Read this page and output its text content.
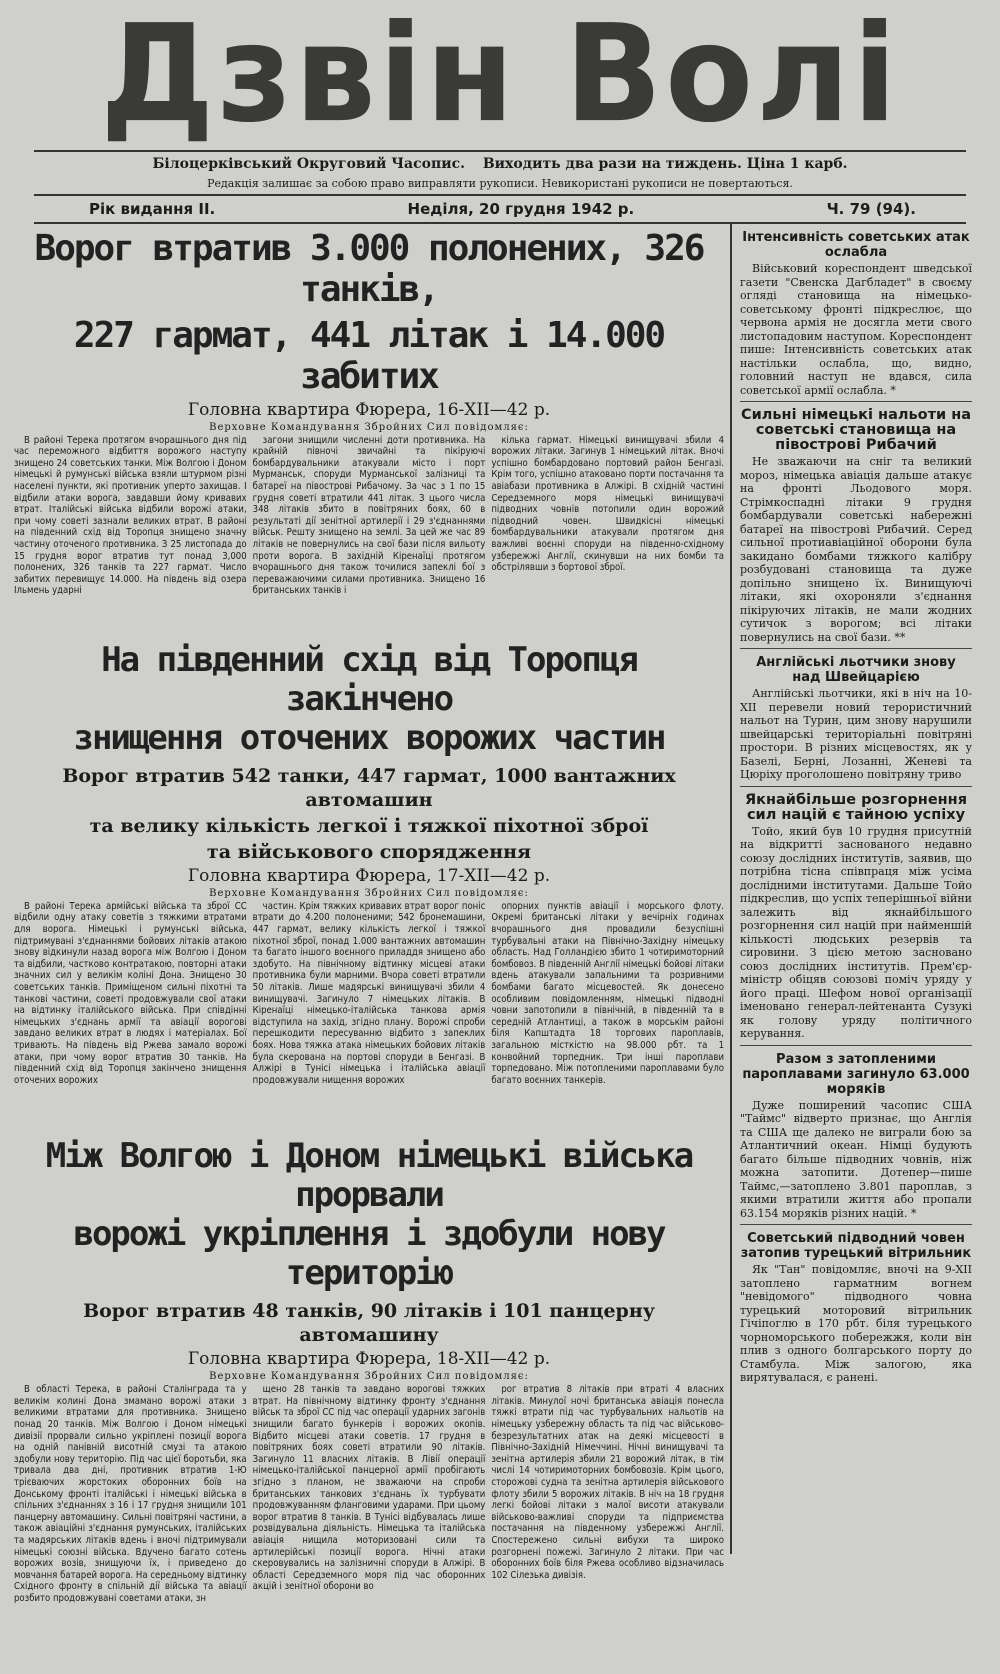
Дзвін Волі
Білоцерківський Округовий Часопис. Виходить два рази на тиждень. Ціна 1 карб.
Редакція залишає за собою право виправляти рукописи. Невикористані рукописи не повертаються.
Рік видання II.	Неділя, 20 грудня 1942 р.	Ч. 79 (94).

Ворог втратив 3.000 полонених, 326 танків,

227 гармат, 441 літак і 14.000 забитих

Головна квартира Фюрера, 16-XII—42 р.

Верховне Командування Збройних Сил повідомляє:

В районі Терека протягом вчорашнього дня під час переможного відбиття ворожого наступу знищено 24 советських танки. Між Волгою і Доном німецькі й румунські війська взяли штурмом різні населені пункти, які противник уперто захищав. І відбили атаки ворога, завдавши йому кривавих втрат. Італійські війська відбили ворожі атаки, при чому советі зазнали великих втрат. В районі на південний схід від Торопця знищено значну частину оточеного противника. З 25 листопада до 15 грудня ворог втратив тут понад 3,000 полонених, 326 танків та 227 гармат. Число забитих перевищує 14.000. На південь від озера Ільмень ударні

загони знищили численні доти противника. На крайній півночі звичайні та пікіруючі бомбардувальники атакували місто і порт Мурманськ, споруди Мурманської залізниці та батареї на півострові Рибачому. За час з 1 по 15 грудня советі втратили 441 літак. З цього числа 348 літаків збито в повітряних боях, 60 в результаті дії зенітної артилерії і 29 з'єднаннями військ. Решту знищено на землі. За цей же час 89 літаків не повернулись на свої бази після вильоту проти ворога. В західній Кіренаїці протягом вчорашнього дня також точилися запеклі бої з переважаючими силами противника. Знищено 16 британських танків і

кілька гармат. Німецькі винищувачі збили 4 ворожих літаки. Загинув 1 німецький літак. Вночі успішно бомбардовано портовий район Бенгазі. Крім того, успішно атаковано порти постачання та авіабази противника в Алжірі. В східній частині Середземного моря німецькі винищувачі підводних човнів потопили один ворожий підводний човен. Швидкісні німецькі бомбардувальники атакували протягом дня важливі воєнні споруди на південно-східному узбережжі Англії, скинувши на них бомби та обстрілявши з бортової зброї.

На південний схід від Торопця закінчено

знищення оточених ворожих частин

Ворог втратив 542 танки, 447 гармат, 1000 вантажних автомашин

та велику кількість легкої і тяжкої піхотної зброї

та військового спорядження

Головна квартира Фюрера, 17-XII—42 р.

Верховне Командування Збройних Сил повідомляє:

В районі Терека армійські війська та зброї СС відбили одну атаку советів з тяжкими втратами для ворога. Німецькі і румунські війська, підтримувані з'єднаннями бойових літаків атакою знову відкинули назад ворога між Волгою і Доном та відбили, частково контратакою, повторні атаки значних сил у великім коліні Дона. Знищено 30 советських танків. Приміщеном сильні піхотні та танкові частини, советі продовжували свої атаки на відтинку італійського війська. При співдінні німецьких з'єднань армії та авіації ворогові завдано великих втрат в людях і матеріалах. Бої тривають. На південь від Ржева замало ворожі атаки, при чому ворог втратив 30 танків. На південний схід від Торопця закінчено знищення оточених ворожих

частин. Крім тяжких кривавих втрат ворог поніс втрати до 4.200 полоненими; 542 бронемашини, 447 гармат, велику кількість легкої і тяжкої піхотної зброї, понад 1.000 вантажних автомашин та багато іншого воєнного приладдя знищено або здобуто. На північному відтинку місцеві атаки противника були марними. Вчора советі втратили 50 літаків. Лише мадярські винищувачі збили 4 винищувачі. Загинуло 7 німецьких літаків. В Кіренаїці німецько-італійська танкова армія відступила на захід, згідно плану. Ворожі спроби перешкодити пересуванню відбито з запеклих боях. Нова тяжка атака німецьких бойових літаків була скерована на портові споруди в Бенгазі. В Алжірі в Тунісі німецька і італійська авіації продовжували нищення ворожих

опорних пунктів авіації і морського флоту. Окремі британські літаки у вечірніх годинах вчорашнього дня провадили безуспішні турбувальні атаки на Північно-Західну німецьку область. Над Голландією збито 1 чотиримоторний бомбовоз. В південній Англії німецькі бойові літаки вдень атакували запальними та розривними бомбами багато місцевостей. Як донесено особливим повідомленням, німецькі підводні човни запотопили в північній, в південній та в середній Атлантиці, а також в морськім районі біля Капштадта 18 торгових пароплавів, загальною місткістю на 98.000 рбт. та 1 конвойний торпедник. Три інші пароплави торпедовано. Між потопленими пароплавами було багато воєнних танкерів.

Між Волгою і Доном німецькі війська прорвали

ворожі укріплення і здобули нову територію

Ворог втратив 48 танків, 90 літаків і 101 панцерну автомашину

Головна квартира Фюрера, 18-XII—42 р.

Верховне Командування Збройних Сил повідомляє:

В області Терека, в районі Сталінграда та у великім колині Дона змамано ворожі атаки з великими втратами для противника. Знищено понад 20 танків. Між Волгою і Доном німецькі дивізії прорвали сильно укріплені позиції ворога на одній панівній висотній смузі та атакою здобули нову територію. Під час цієї боротьби, яка тривала два дні, противник втратив 1-Ю трієваючих жорстоких оборонних боїв на Донському фронті італійські і німецькі війська в спільних з'єднаннях з 16 і 17 грудня знищили 101 панцерну автомашину. Сильні повітряні частини, а також авіаційні з'єднання румунських, італійських та мадярських літаків вдень і вночі підтримували німецькі союзні війська. Вдучено багато сотень ворожих возів, знищуючи їх, і приведено до мовчання батарей ворога. На середньому відтинку Східного фронту в спільній дії війська та авіації розбито продовжувані советами атаки, зн

щено 28 танків та завдано ворогові тяжких втрат. На північному відтинку фронту з'єднання військ та зброї СС під час операції ударних загонів знищили багато бункерів і ворожих окопів. Відбито місцеві атаки советів. 17 грудня в повітряних боях советі втратили 90 літаків. Загинуло 11 власних літаків. В Лівії операції німецько-італійської панцерної армії пробігають згідно з планом, не зважаючи на спроби британських танкових з'єднань їх турбувати продовжуванням фланговими ударами. При цьому ворог втратив 8 танків. В Тунісі відбувалась лише розвідувальна діяльність. Німецька та італійська авіація нищила моторизовані сили та артилерійські позиції ворога. Нічні атаки скеровувались на залізничні споруди в Алжірі. В області Середземного моря під час оборонних акцій і зенітної оборони во

рог втратив 8 літаків при втраті 4 власних літаків. Минулої ночі британська авіація понесла тяжкі втрати під час турбувальних нальотів на німецьку узбережну область та під час військово-безрезультатних атак на деякі місцевості в Північно-Західній Німеччині. Нічні винищувачі та зенітна артилерія збили 21 ворожий літак, в тім числі 14 чотиримоторних бомбовозів. Крім цього, сторожові судна та зенітна артилерія військового флоту збили 5 ворожих літаків. В ніч на 18 грудня легкі бойові літаки з малої висоти атакували військово-важливі споруди та підприємства постачання на південному узбережжі Англії. Спостережено сильні вибухи та широко розгорнені пожежі. Загинуло 2 літаки. При час оборонних боїв біля Ржева особливо відзначилась 102 Сілезька дивізія.

Інтенсивність советських атак ослабла

Військовий кореспондент шведської газети "Свенска Дагбладет" в своєму огляді становища на німецько-советському фронті підкреслює, що червона армія не досягла мети свого листопадовим наступом. Кореспондент пише: Інтенсивність советських атак настільки ослабла, що, видно, головний наступ не вдався, сила советської армії ослабла. *

Сильні німецькі нальоти на советські становища на півострові Рибачий

Не зважаючи на сніг та великий мороз, німецька авіація дальше атакує на фронті Льодового моря. Стрімкоспадні літаки 9 грудня бомбардували советські набережні батареї на півострові Рибачий. Серед сильної протиавіаційної оборони була закидано бомбами тяжкого калібру розбудовані становища та дуже допільно знищено їх. Винищуючі літаки, які охороняли з'єднання пікіруючих літаків, не мали жодних сутичок з ворогом; всі літаки повернулись на свої бази. **

Англійські льотчики знову над Швейцарією

Англійські льотчики, які в ніч на 10-XII перевели новий терористичний нальот на Турин, цим знову нарушили швейцарські територіальні повітряні простори. В різних місцевостях, як у Базелі, Берні, Лозанні, Женеві та Цюріху проголошено повітряну триво

Якнайбільше розгорнення сил націй є тайною успіху

Тойо, який був 10 грудня присутній на відкритті заснованого недавно союзу дослідних інститутів, заявив, що потрібна тісна співпраця між усіма дослідними інститутами. Дальше Тойо підкреслив, що успіх теперішньої війни залежить від якнайбільшого розгорнення сил націй при найменшій кількості людських резервів та сировини. З цією метою засновано союз дослідних інститутів. Прем'єр-міністр обіцяв союзові поміч уряду у його праці. Шефом нової організації іменовано генерал-лейтенанта Сузукі як голову уряду політичного керування.

Разом з затопленими пароплавами загинуло 63.000 моряків

Дуже поширений часопис США "Таймс" відверто признає, що Англія та США ще далеко не виграли бою за Атлантичний океан. Німці будують багато більше підводних човнів, ніж можна затопити. Дотепер—пише Таймс,—затоплено 3.801 пароплав, з якими втратили життя або пропали 63.154 моряків різних націй. *

Советський підводний човен затопив турецький вітрильник

Як "Тан" повідомляє, вночі на 9-XII затоплено гарматним вогнем "невідомого" підводного човна турецький моторовий вітрильник Гічіпоглю в 170 рбт. біля турецького чорноморського побережжя, коли він плив з одного болгарського порту до Стамбула. Між залогою, яка вирятувалася, є ранені.
